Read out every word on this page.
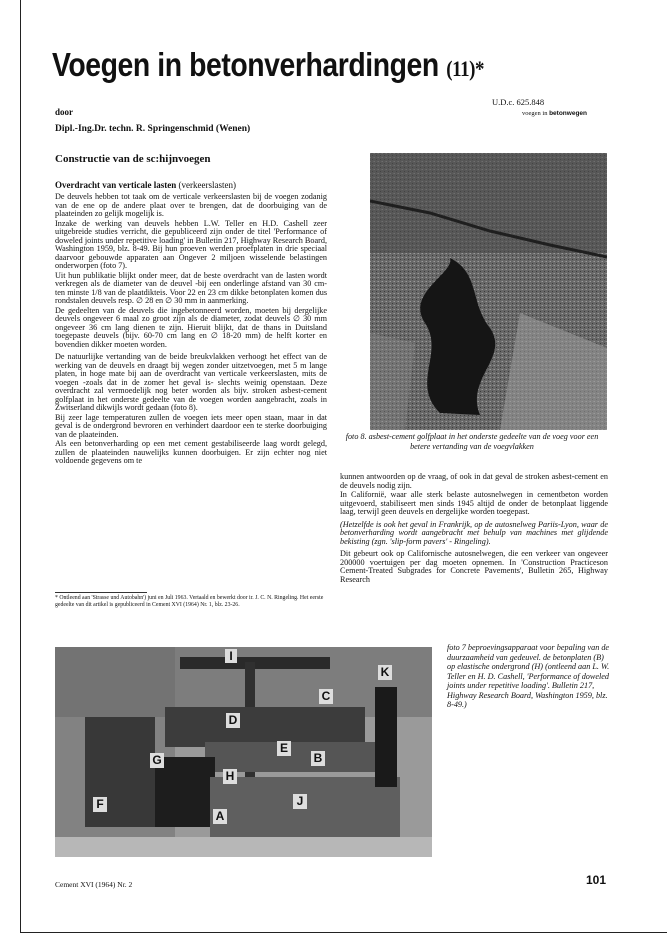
Voegen in betonverhardingen (11)*
U.D.c. 625.848
voegen in betonwegen
door
Dipl.-Ing.Dr. techn. R. Springenschmid (Wenen)
Constructie van de sc:hijnvoegen
Overdracht van verticale lasten (verkeerslasten)

De deuvels hebben tot taak om de verticale verkeerslasten bij de voegen zodanig van de ene op de andere plaat over te brengen, dat de doorbuiging van de plaateinden zo gelijk mogelijk is.

Inzake de werking van deuvels hebben L.W. Teller en H.D. Cashell zeer uitgebreide studies verricht, die gepubliceerd zijn onder de titel 'Performance of doweled joints under repetitive loading' in Bulletin 217, Highway Research Board, Washington 1959, blz. 8-49. Bij hun proeven werden proefplaten in drie speciaal daarvoor gebouwde apparaten aan Ongever 2 miljoen wisselende belastingen onderworpen (foto 7).

Uit hun publikatie blijkt onder meer, dat de beste overdracht van de lasten wordt verkregen als de diameter van de deuvel -bij een onderlinge afstand van 30 cm- ten minste 1/8 van de plaatdikteis. Voor 22 en 23 cm dikke betonplaten komen dus rondstalen deuvels resp. ∅ 28 en ∅ 30 mm in aanmerking.

De gedeelten van de deuvels die ingebetonneerd worden, moeten bij dergelijke deuvels ongeveer 6 maal zo groot zijn als de diameter, zodat deuvels ∅ 30 mm ongeveer 36 cm lang dienen te zijn. Hieruit blijkt, dat de thans in Duitsland toegepaste deuvels (bijv. 60-70 cm lang en ∅ 18-20 mm) de helft korter en bovendien dikker moeten worden.

De natuurlijke vertanding van de beide breukvlakken verhoogt het effect van de werking van de deuvels en draagt bij wegen zonder uitzetvoegen, met 5 m lange platen, in hoge mate bij aan de overdracht van verticale verkeerslasten, mits de voegen -zoals dat in de zomer het geval is- slechts weinig openstaan. Deze overdracht zal vermoedelijk nog beter worden als bijv. stroken asbest-cement golfplaat in het onderste gedeelte van de voegen worden aangebracht, zoals in Zwitserland dikwijls wordt gedaan (foto 8).

Bij zeer lage temperaturen zullen de voegen iets meer open staan, maar in dat geval is de ondergrond bevroren en verhindert daardoor een te sterke doorbuiging van de plaateinden.

Als een betonverharding op een met cement gestabiliseerde laag wordt gelegd, zullen de plaateinden nauwelijks kunnen doorbuigen. Er zijn echter nog niet voldoende gegevens om te

foto 8. asbest-cement golfplaat in het onderste gedeelte van de voeg voor een betere vertanding van de voegvlakken

kunnen antwoorden op de vraag, of ook in dat geval de stroken asbest-cement en de deuvels nodig zijn.

In Californië, waar alle sterk belaste autosnelwegen in cementbeton worden uitgevoerd, stabiliseert men sinds 1945 altijd de onder de betonplaat liggende laag, terwijl geen deuvels en dergelijke worden toegepast.

(Hetzelfde is ook het geval in Frankrijk, op de autosnelweg Pariis-Lyon, waar de betonverharding wordt aangebracht met behulp van machines met glijdende bekisting (zgn. 'slip-form pavers' - Ringeling).

Dit gebeurt ook op Californische autosnelwegen, die een verkeer van ongeveer 200000 voertuigen per dag moeten opnemen. In 'Construction Practiceson Cement-Treated Subgrades for Concrete Pavements', Bulletin 265, Highway Research

* Ontleend aan 'Strasse und Autobahn') juni en Juli 1963. Vertaald en bewerkt door ir. J. C. N. Ringeling. Het eerste gedeelte van dit artikel is gepubliceerd in Cement XVI (1964) Nr. 1, blz. 23-26.
I
C
K
D
E
B
G
H
J
F
A
foto 7 beproevingsapparaat voor bepaling van de duurzaamheid van gedeuvel. de betonplaten (B) op elastische ondergrond (H) (ontleend aan L. W. Teller en H. D. Cashell, 'Performance of doweled joints under repetitive loading'. Bulletin 217, Highway Research Board, Washington 1959, blz. 8-49.)
Cement XVI (1964) Nr. 2	101
